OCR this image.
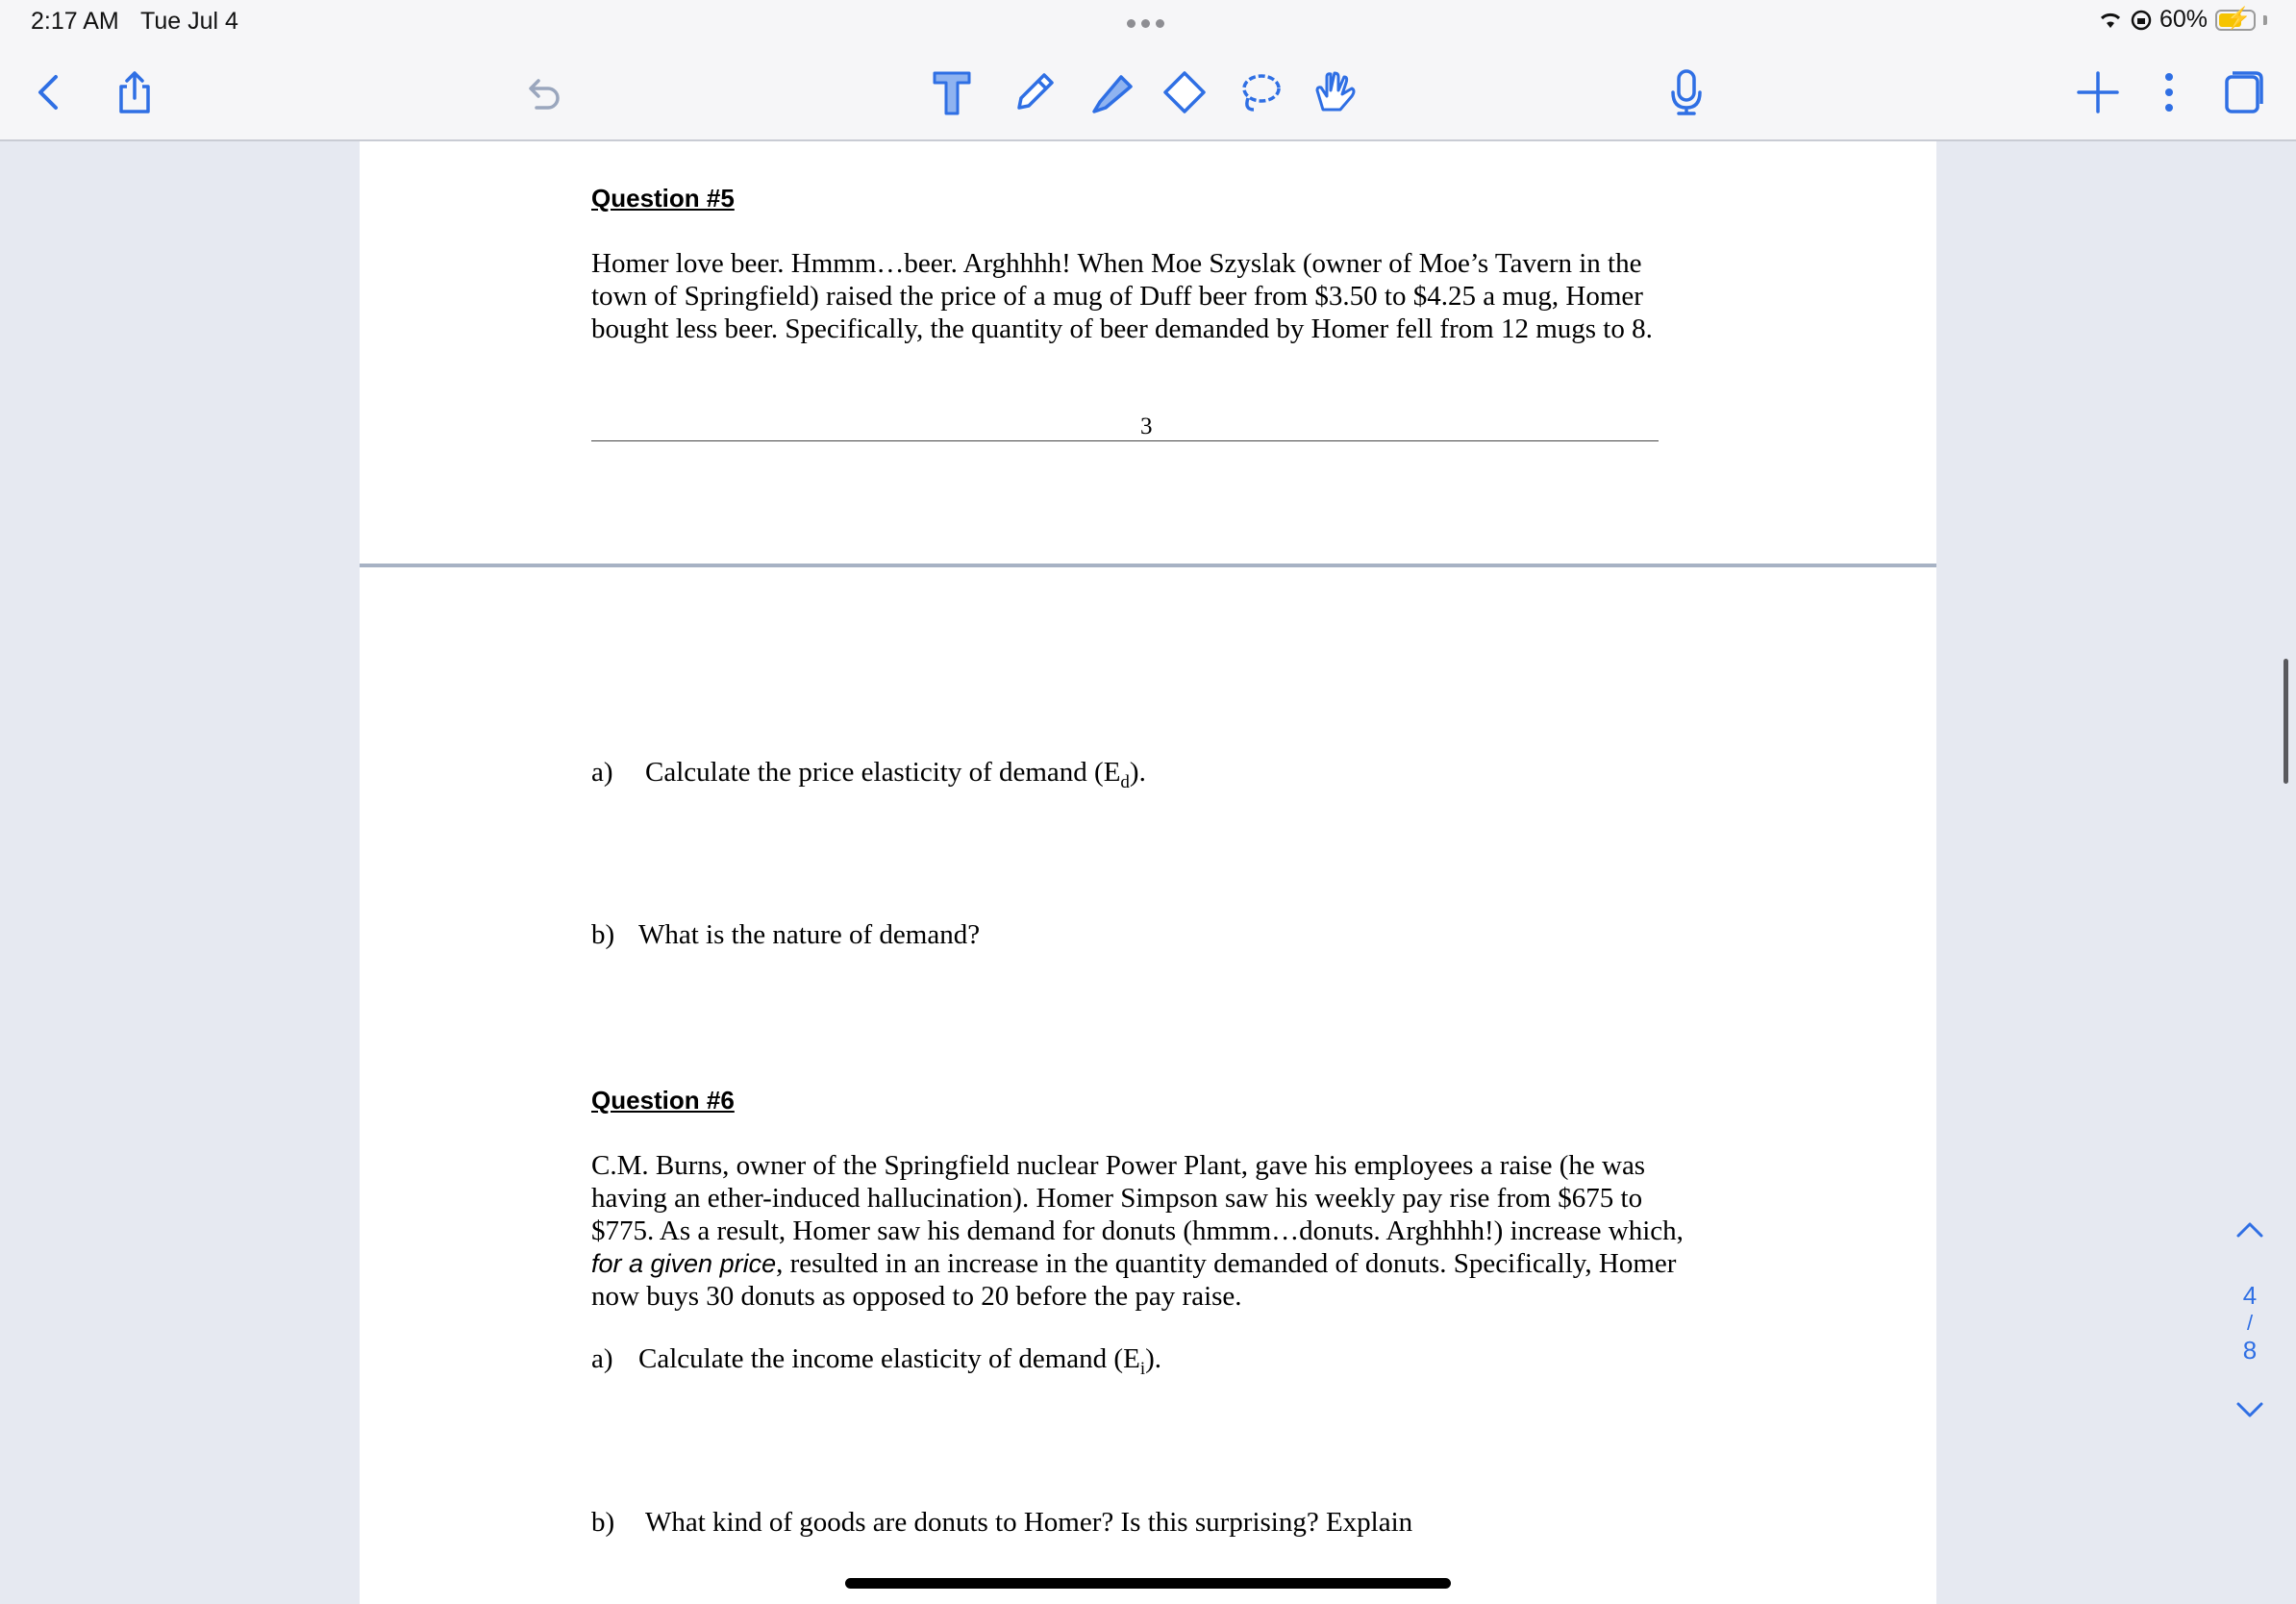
2:17 AM Tue Jul 4	60% ⚡
Question #5
Homer love beer. Hmmm…beer. Arghhhh! When Moe Szyslak (owner of Moe’s Tavern in the
town of Springfield) raised the price of a mug of Duff beer from $3.50 to $4.25 a mug, Homer
bought less beer. Specifically, the quantity of beer demanded by Homer fell from 12 mugs to 8.
3
a) Calculate the price elasticity of demand $(E_d)$.
b) What is the nature of demand?
Question #6
C.M. Burns, owner of the Springfield nuclear Power Plant, gave his employees a raise (he was
having an ether-induced hallucination). Homer Simpson saw his weekly pay rise from $675 to
$775. As a result, Homer saw his demand for donuts (hmmm…donuts. Arghhhh!) increase which,
for a given price, resulted in an increase in the quantity demanded of donuts. Specifically, Homer
now buys 30 donuts as opposed to 20 before the pay raise.
a) Calculate the income elasticity of demand $(E_i)$.
b) What kind of goods are donuts to Homer? Is this surprising? Explain
4
/
8
